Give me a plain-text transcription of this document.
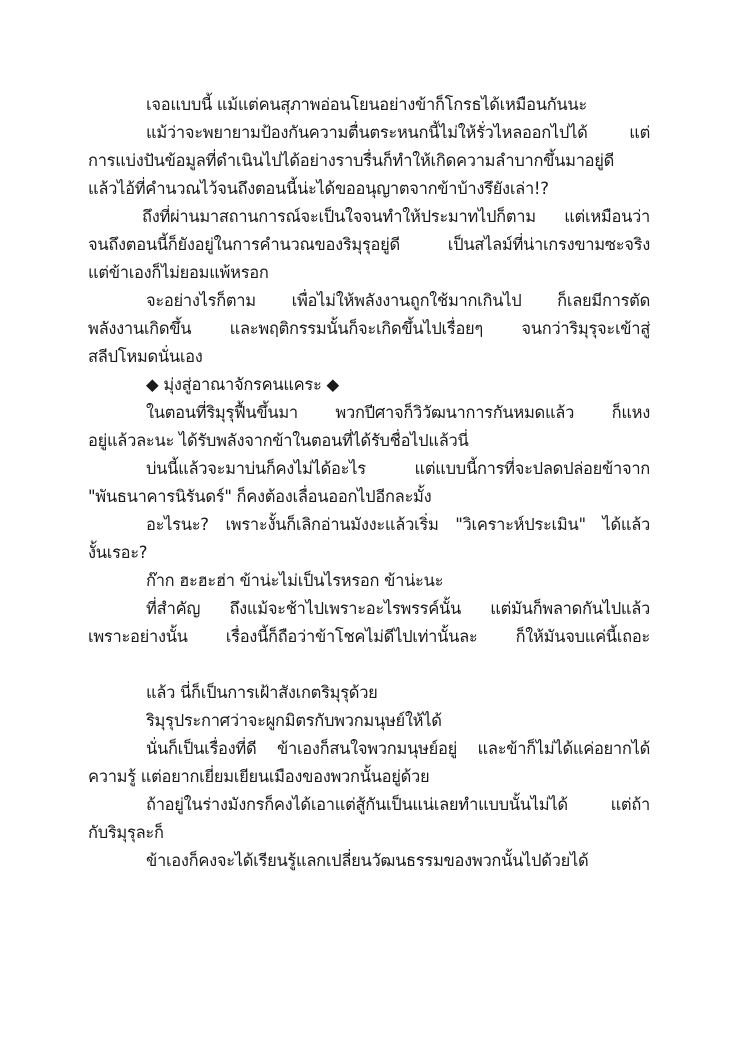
เจอแบบนี้ แม้แต่คนสุภาพอ่อนโยนอย่างข้าก็โกรธได้เหมือนกันนะ
แม้ว่าจะพยายามป้องกันความตื่นตระหนกนี้ไม่ให้รั่วไหลออกไปได้ แต่
การแบ่งปันข้อมูลที่ดำเนินไปได้อย่างราบรื่นก็ทำให้เกิดความลำบากขึ้นมาอยู่ดี
แล้วไอ้ที่คำนวณไว้จนถึงตอนนี้น่ะได้ขออนุญาตจากข้าบ้างรึยังเล่า!?
ถึงที่ผ่านมาสถานการณ์จะเป็นใจจนทำให้ประมาทไปก็ตาม แต่เหมือนว่า
จนถึงตอนนี้ก็ยังอยู่ในการคำนวณของริมุรุอยู่ดี เป็นสไลม์ที่น่าเกรงขามซะจริง
แต่ข้าเองก็ไม่ยอมแพ้หรอก
จะอย่างไรก็ตาม เพื่อไม่ให้พลังงานถูกใช้มากเกินไป ก็เลยมีการตัด
พลังงานเกิดขึ้น และพฤติกรรมนั้นก็จะเกิดขึ้นไปเรื่อยๆ จนกว่าริมุรุจะเข้าสู่
สลีปโหมดนั่นเอง
◆ มุ่งสู่อาณาจักรคนแคระ ◆
ในตอนที่ริมุรุฟื้นขึ้นมา พวกปีศาจก็วิวัฒนาการกันหมดแล้ว ก็แหง
อยู่แล้วละนะ ได้รับพลังจากข้าในตอนที่ได้รับชื่อไปแล้วนี่
บ่นนี้แล้วจะมาบ่นก็คงไม่ได้อะไร แต่แบบนี้การที่จะปลดปล่อยข้าจาก
"พันธนาคารนิรันดร์" ก็คงต้องเลื่อนออกไปอีกละมั้ง
อะไรนะ? เพราะงั้นก็เลิกอ่านมังงะแล้วเริ่ม "วิเคราะห์ประเมิน" ได้แล้ว
งั้นเรอะ?
ก๊าก ฮะฮะฮ่า ข้าน่ะไม่เป็นไรหรอก ข้าน่ะนะ
ที่สำคัญ ถึงแม้จะช้าไปเพราะอะไรพรรค์นั้น แต่มันก็พลาดกันไปแล้ว
เพราะอย่างนั้น เรื่องนี้ก็ถือว่าข้าโชคไม่ดีไปเท่านั้นละ ก็ให้มันจบแค่นี้เถอะ
แล้ว นี่ก็เป็นการเฝ้าสังเกตริมุรุด้วย
ริมุรุประกาศว่าจะผูกมิตรกับพวกมนุษย์ให้ได้
นั่นก็เป็นเรื่องที่ดี ข้าเองก็สนใจพวกมนุษย์อยู่ และข้าก็ไม่ได้แค่อยากได้
ความรู้ แต่อยากเยี่ยมเยียนเมืองของพวกนั้นอยู่ด้วย
ถ้าอยู่ในร่างมังกรก็คงได้เอาแต่สู้กันเป็นแน่เลยทำแบบนั้นไม่ได้ แต่ถ้า
กับริมุรุละก็
ข้าเองก็คงจะได้เรียนรู้แลกเปลี่ยนวัฒนธรรมของพวกนั้นไปด้วยได้
